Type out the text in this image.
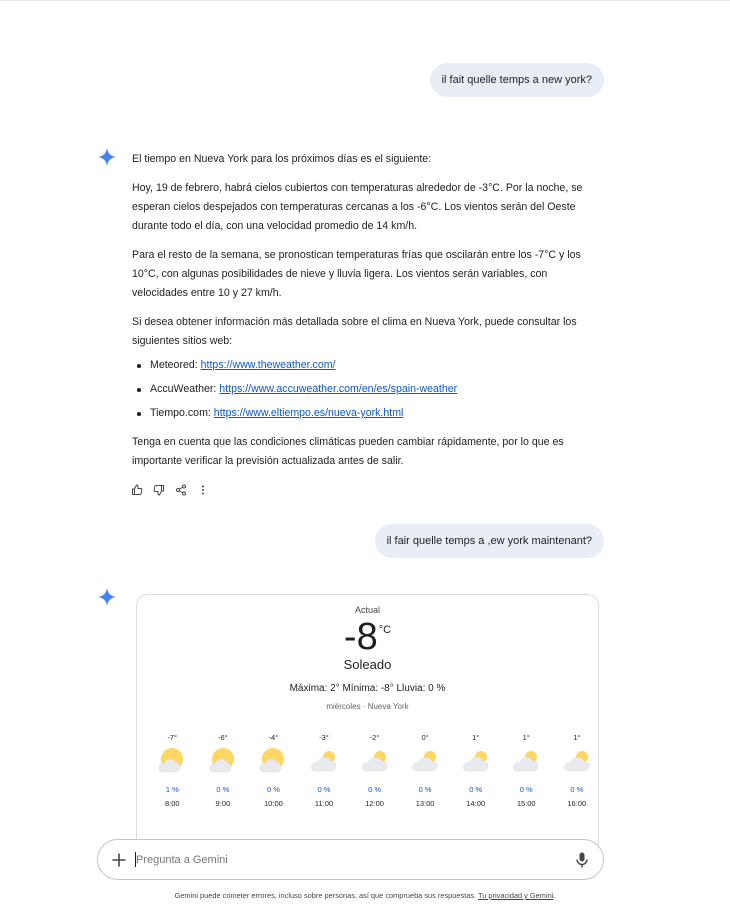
il fait quelle temps a new york?

El tiempo en Nueva York para los próximos días es el siguiente:

Hoy, 19 de febrero, habrá cielos cubiertos con temperaturas alrededor de -3°C. Por la noche, se esperan cielos despejados con temperaturas cercanas a los -6°C. Los vientos serán del Oeste durante todo el día, con una velocidad promedio de 14 km/h.

Para el resto de la semana, se pronostican temperaturas frías que oscilarán entre los -7°C y los 10°C, con algunas posibilidades de nieve y lluvia ligera. Los vientos serán variables, con velocidades entre 10 y 27 km/h.

Si desea obtener información más detallada sobre el clima en Nueva York, puede consultar los siguientes sitios web:

Meteored: https://www.theweather.com/
AccuWeather: https://www.accuweather.com/en/es/spain-weather
Tiempo.com: https://www.eltiempo.es/nueva-york.html

Tenga en cuenta que las condiciones climáticas pueden cambiar rápidamente, por lo que es importante verificar la previsión actualizada antes de salir.

il fair quelle temps a ,ew york maintenant?
Actual
$-8^{^\circ C}$
Soleado
Máxima: 2° Mínima: -8° Lluvia: 0 %
miércoles · Nueva York
-7°
1 %
8:00
-6°
0 %
9:00
-4°
0 %
10:00
-3°
0 %
11:00
-2°
0 %
12:00
0°
0 %
13:00
1°
0 %
14:00
1°
0 %
15:00
1°
0 %
16:00
Pregunta a Gemini
Gemini puede cometer errores, incluso sobre personas, así que comprueba sus respuestas. Tu privacidad y Gemini.
